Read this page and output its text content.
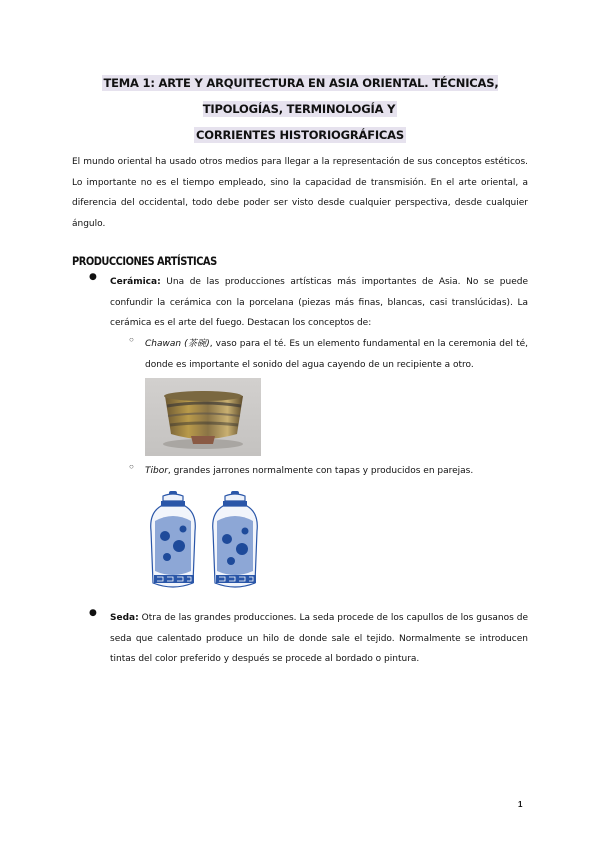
TEMA 1: ARTE Y ARQUITECTURA EN ASIA ORIENTAL. TÉCNICAS, TIPOLOGÍAS, TERMINOLOGÍA Y
CORRIENTES HISTORIOGRÁFICAS
El mundo oriental ha usado otros medios para llegar a la representación de sus conceptos estéticos. Lo importante no es el tiempo empleado, sino la capacidad de transmisión. En el arte oriental, a diferencia del occidental, todo debe poder ser visto desde cualquier perspectiva, desde cualquier ángulo.
PRODUCCIONES ARTÍSTICAS
● Cerámica: Una de las producciones artísticas más importantes de Asia. No se puede confundir la cerámica con la porcelana (piezas más finas, blancas, casi translúcidas). La cerámica es el arte del fuego. Destacan los conceptos de:
○ Chawan (茶碗), vaso para el té. Es un elemento fundamental en la ceremonia del té, donde es importante el sonido del agua cayendo de un recipiente a otro.
○ Tibor, grandes jarrones normalmente con tapas y producidos en parejas.
● Seda: Otra de las grandes producciones. La seda procede de los capullos de los gusanos de seda que calentado produce un hilo de donde sale el tejido. Normalmente se introducen tintas del color preferido y después se procede al bordado o pintura.
1
